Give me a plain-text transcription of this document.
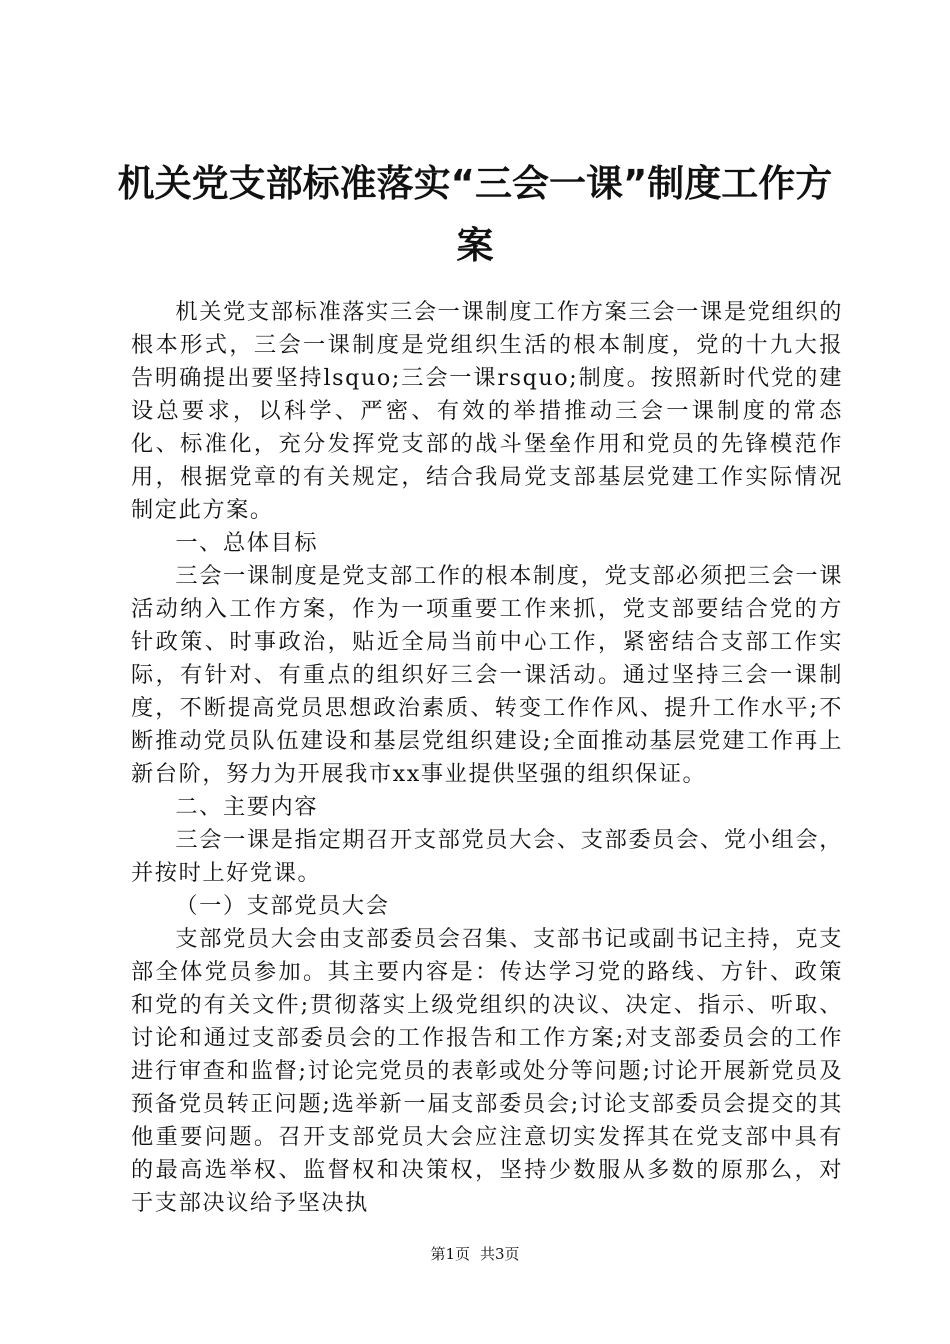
机关党支部标准落实“三会一课”制度工作方
案

机关党支部标准落实三会一课制度工作方案三会一课是党组织的根本形式，三会一课制度是党组织生活的根本制度，党的十九大报告明确提出要坚持lsquo;三会一课rsquo;制度。按照新时代党的建设总要求，以科学、严密、有效的举措推动三会一课制度的常态化、标准化，充分发挥党支部的战斗堡垒作用和党员的先锋模范作用，根据党章的有关规定，结合我局党支部基层党建工作实际情况制定此方案。

一、总体目标

三会一课制度是党支部工作的根本制度，党支部必须把三会一课活动纳入工作方案，作为一项重要工作来抓，党支部要结合党的方针政策、时事政治，贴近全局当前中心工作，紧密结合支部工作实际，有针对、有重点的组织好三会一课活动。通过坚持三会一课制度，不断提高党员思想政治素质、转变工作作风、提升工作水平;不断推动党员队伍建设和基层党组织建设;全面推动基层党建工作再上新台阶，努力为开展我市xx事业提供坚强的组织保证。

二、主要内容

三会一课是指定期召开支部党员大会、支部委员会、党小组会，并按时上好党课。

（一）支部党员大会

支部党员大会由支部委员会召集、支部书记或副书记主持，克支部全体党员参加。其主要内容是：传达学习党的路线、方针、政策和党的有关文件;贯彻落实上级党组织的决议、决定、指示、听取、讨论和通过支部委员会的工作报告和工作方案;对支部委员会的工作进行审查和监督;讨论完党员的表彰或处分等问题;讨论开展新党员及预备党员转正问题;选举新一届支部委员会;讨论支部委员会提交的其他重要问题。召开支部党员大会应注意切实发挥其在党支部中具有的最高选举权、监督权和决策权，坚持少数服从多数的原那么，对于支部决议给予坚决执

第1页 共3页
